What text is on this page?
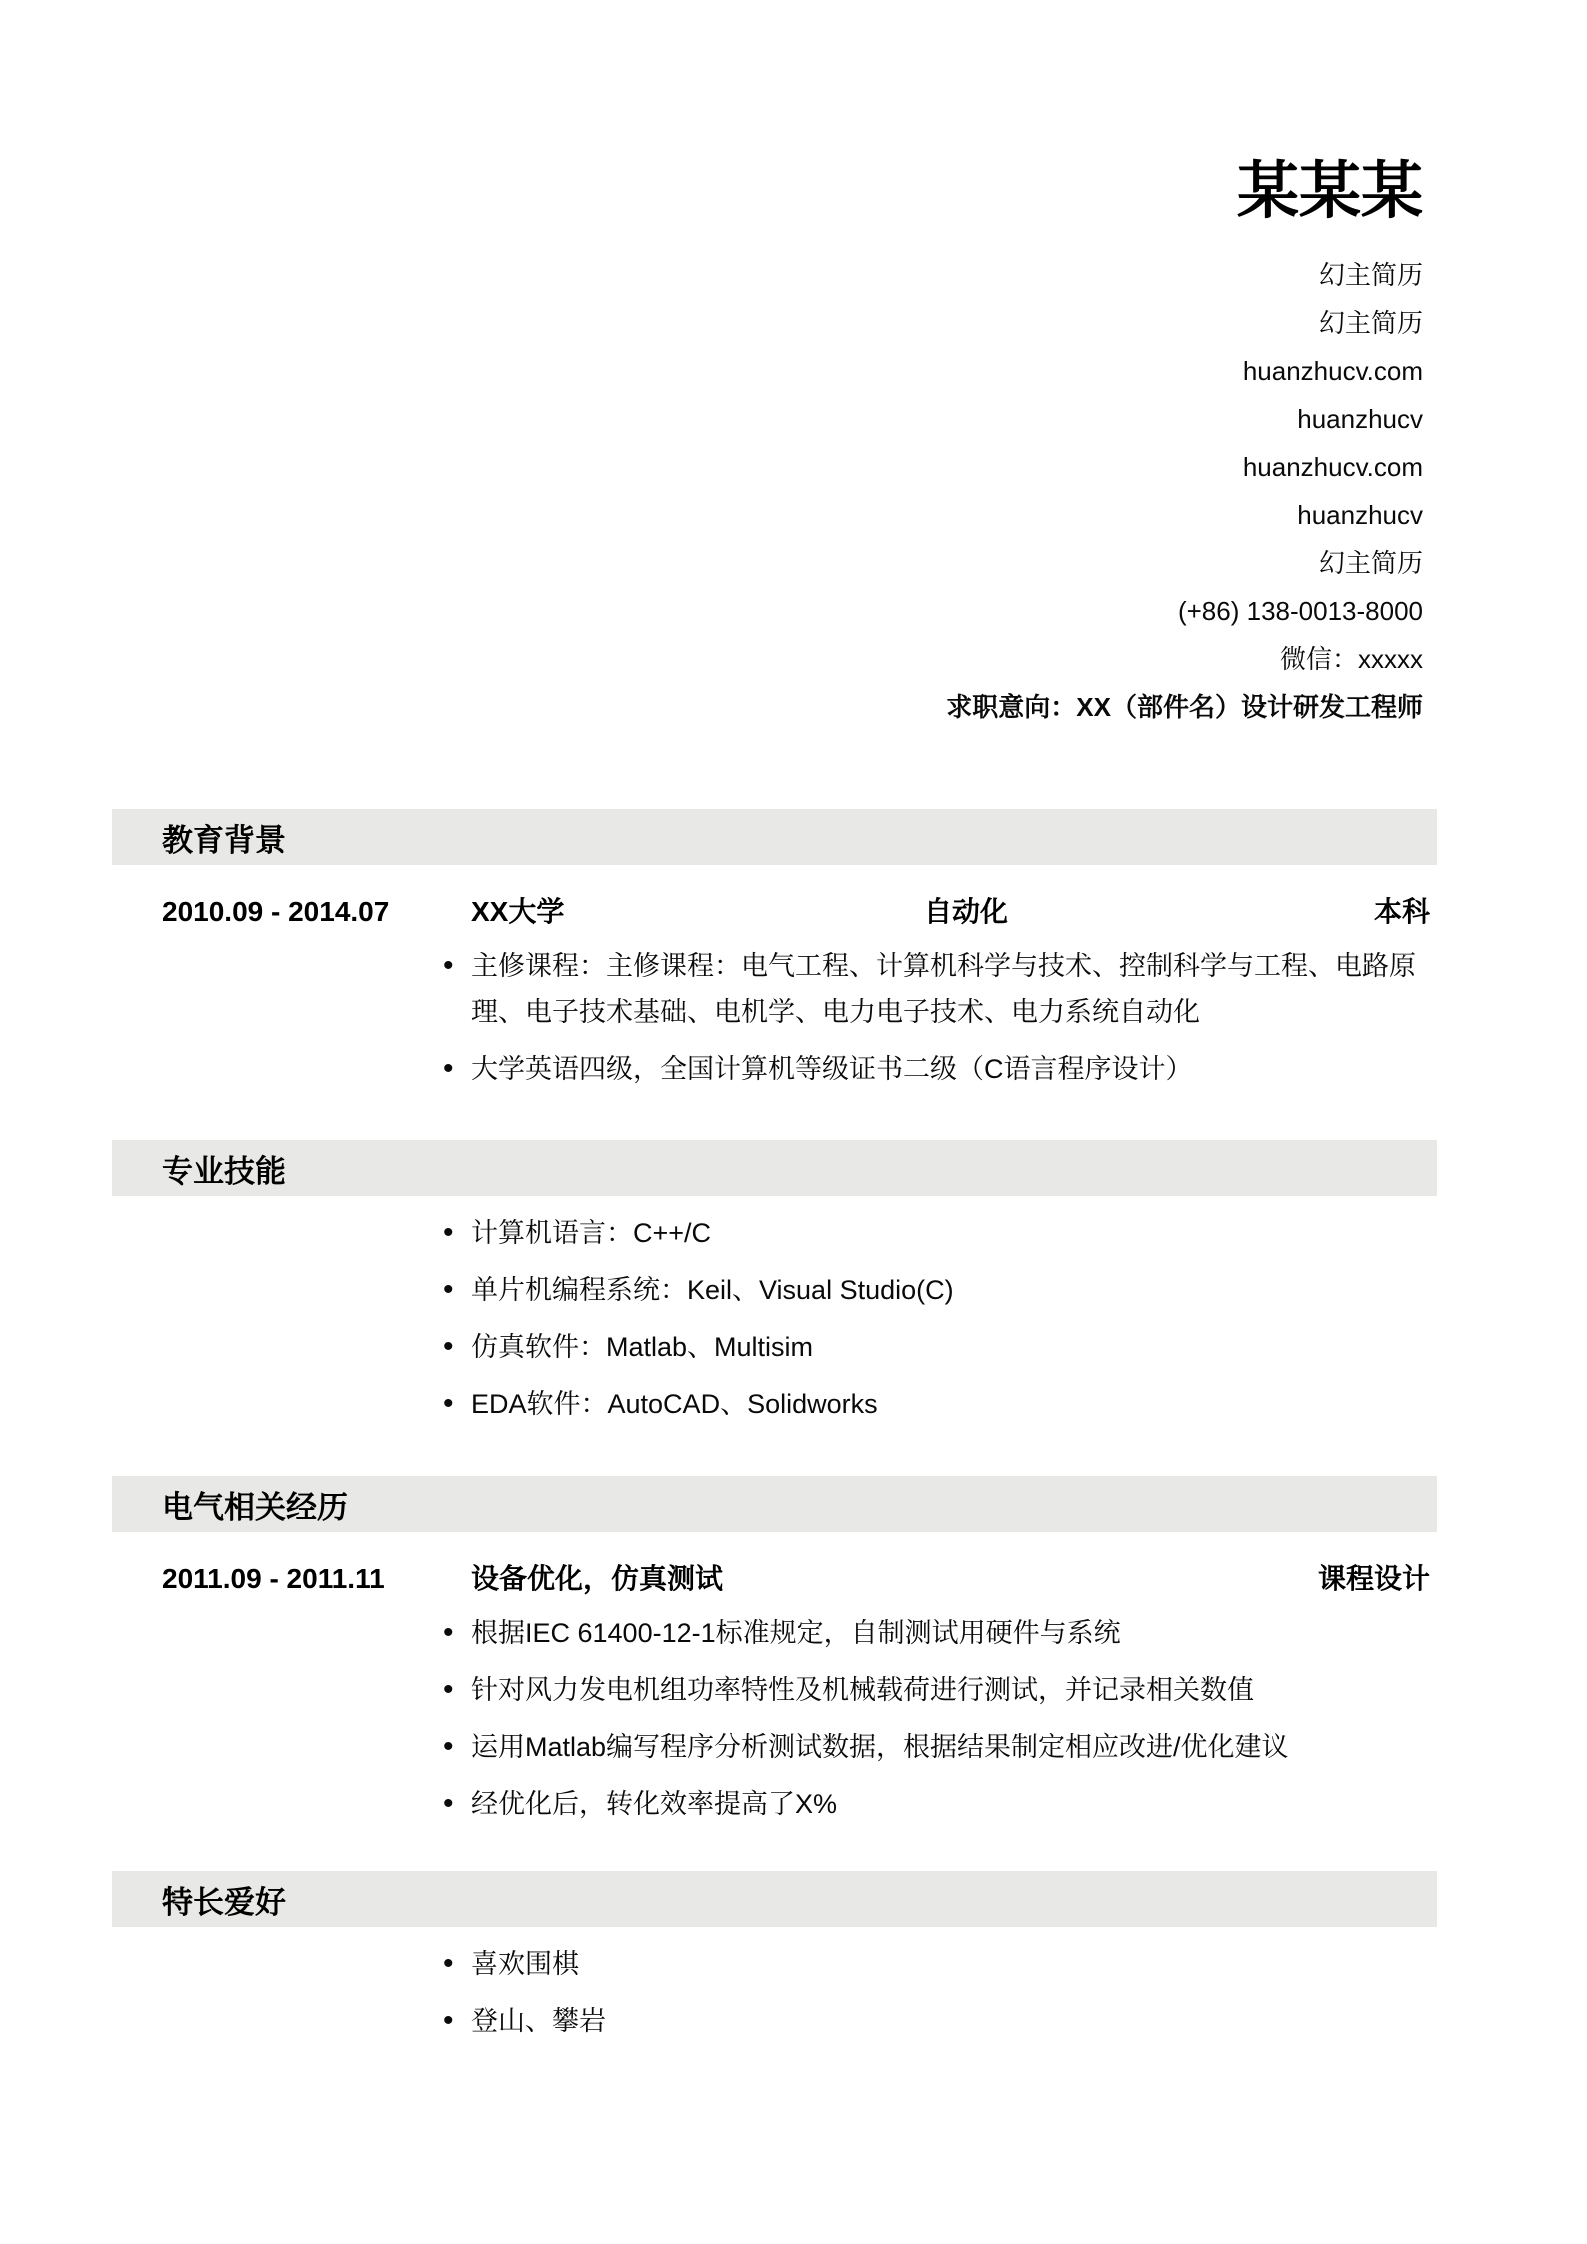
某某某
幻主简历
幻主简历
huanzhucv.com
huanzhucv
huanzhucv.com
huanzhucv
幻主简历
(+86) 138-0013-8000
微信：xxxxx
求职意向：XX（部件名）设计研发工程师
教育背景
2010.09 - 2014.07	XX大学	自动化	本科
• 主修课程：主修课程：电气工程、计算机科学与技术、控制科学与工程、电路原理、电子技术基础、电机学、电力电子技术、电力系统自动化
• 大学英语四级，全国计算机等级证书二级（C语言程序设计）
专业技能
• 计算机语言：C++/C
• 单片机编程系统：Keil、Visual Studio(C)
• 仿真软件：Matlab、Multisim
• EDA软件：AutoCAD、Solidworks
电气相关经历
2011.09 - 2011.11	设备优化，仿真测试	课程设计
• 根据IEC 61400-12-1标准规定，自制测试用硬件与系统
• 针对风力发电机组功率特性及机械载荷进行测试，并记录相关数值
• 运用Matlab编写程序分析测试数据，根据结果制定相应改进/优化建议
• 经优化后，转化效率提高了X%
特长爱好
• 喜欢围棋
• 登山、攀岩
